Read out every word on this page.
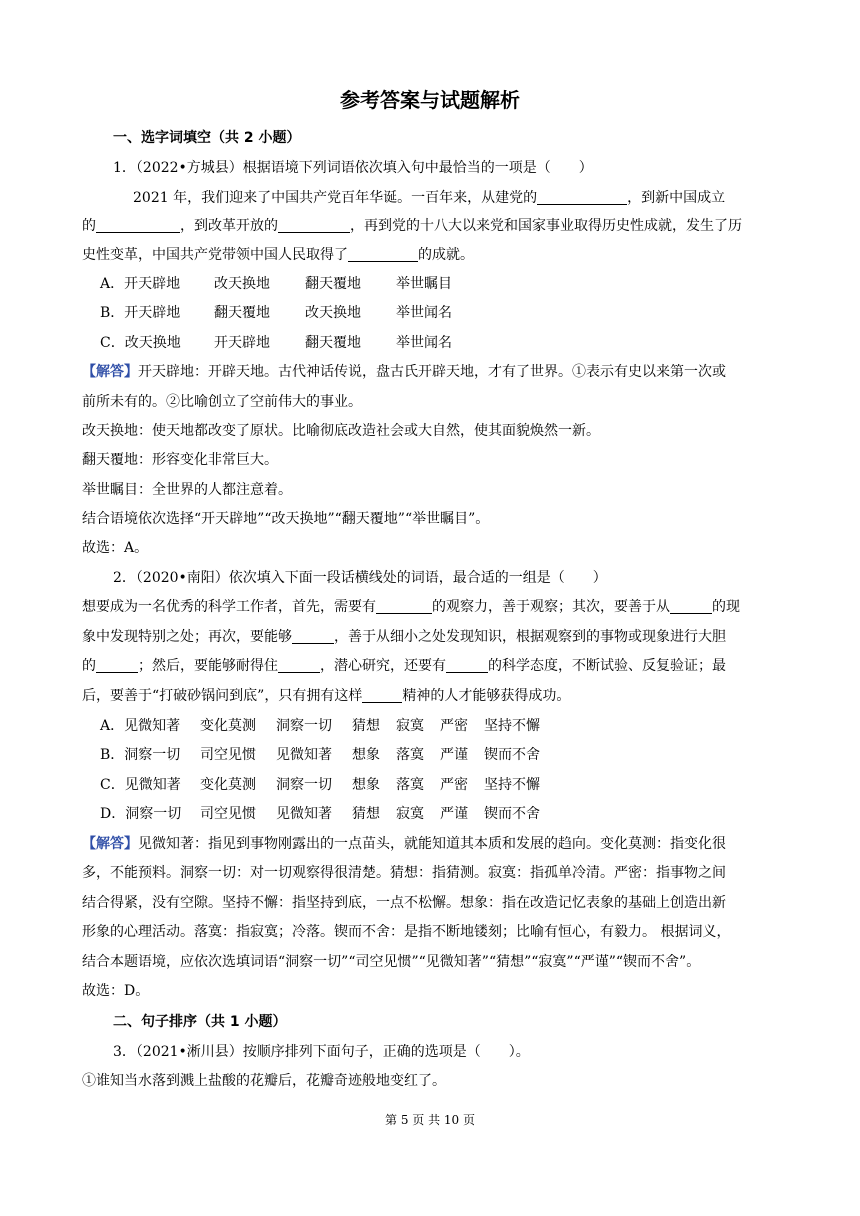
参考答案与试题解析
一、选字词填空（共 2 小题）
1．（2022•方城县）根据语境下列词语依次填入句中最恰当的一项是（　　）
2021 年，我们迎来了中国共产党百年华诞。一百年来，从建党的	，到新中国成立
的	，到改革开放的	，再到党的十八大以来党和国家事业取得历史性成就，发生了历
史性变革，中国共产党带领中国人民取得了	的成就。
A．开天辟地 改天换地	翻天覆地	举世瞩目
B．开天辟地 翻天覆地	改天换地	举世闻名
C．改天换地 开天辟地	翻天覆地	举世闻名
【解答】开天辟地：开辟天地。古代神话传说，盘古氏开辟天地，才有了世界。①表示有史以来第一次或
前所未有的。②比喻创立了空前伟大的事业。
改天换地：使天地都改变了原状。比喻彻底改造社会或大自然，使其面貌焕然一新。
翻天覆地：形容变化非常巨大。
举世瞩目：全世界的人都注意着。
结合语境依次选择“开天辟地”“改天换地”“翻天覆地”“举世瞩目”。
故选：A。
2．（2020•南阳）依次填入下面一段话横线处的词语，最合适的一组是（　　）
想要成为一名优秀的科学工作者，首先，需要有	的观察力，善于观察；其次，要善于从	的现
象中发现特别之处；再次，要能够	，善于从细小之处发现知识，根据观察到的事物或现象进行大胆
的	；然后，要能够耐得住	，潜心研究，还要有	的科学态度，不断试验、反复验证；最
后，要善于“打破砂锅问到底”，只有拥有这样	精神的人才能够获得成功。
A．见微知著 变化莫测 洞察一切 猜想 寂寞 严密 坚持不懈
B．洞察一切 司空见惯 见微知著 想象 落寞 严谨 锲而不舍
C．见微知著 变化莫测 洞察一切 想象 落寞 严密 坚持不懈
D．洞察一切 司空见惯 见微知著 猜想 寂寞 严谨 锲而不舍
【解答】见微知著：指见到事物刚露出的一点苗头，就能知道其本质和发展的趋向。变化莫测：指变化很
多，不能预料。洞察一切：对一切观察得很清楚。猜想：指猜测。寂寞：指孤单冷清。严密：指事物之间
结合得紧，没有空隙。坚持不懈：指坚持到底，一点不松懈。想象：指在改造记忆表象的基础上创造出新
形象的心理活动。落寞：指寂寞；冷落。锲而不舍：是指不断地镂刻；比喻有恒心，有毅力。 根据词义，
结合本题语境，应依次选填词语“洞察一切”“司空见惯”“见微知著”“猜想”“寂寞”“严谨”“锲而不舍”。
故选：D。
二、句子排序（共 1 小题）
3．（2021•淅川县）按顺序排列下面句子，正确的选项是（　　）。
①谁知当水落到溅上盐酸的花瓣后，花瓣奇迹般地变红了。
第 5 页 共 10 页
